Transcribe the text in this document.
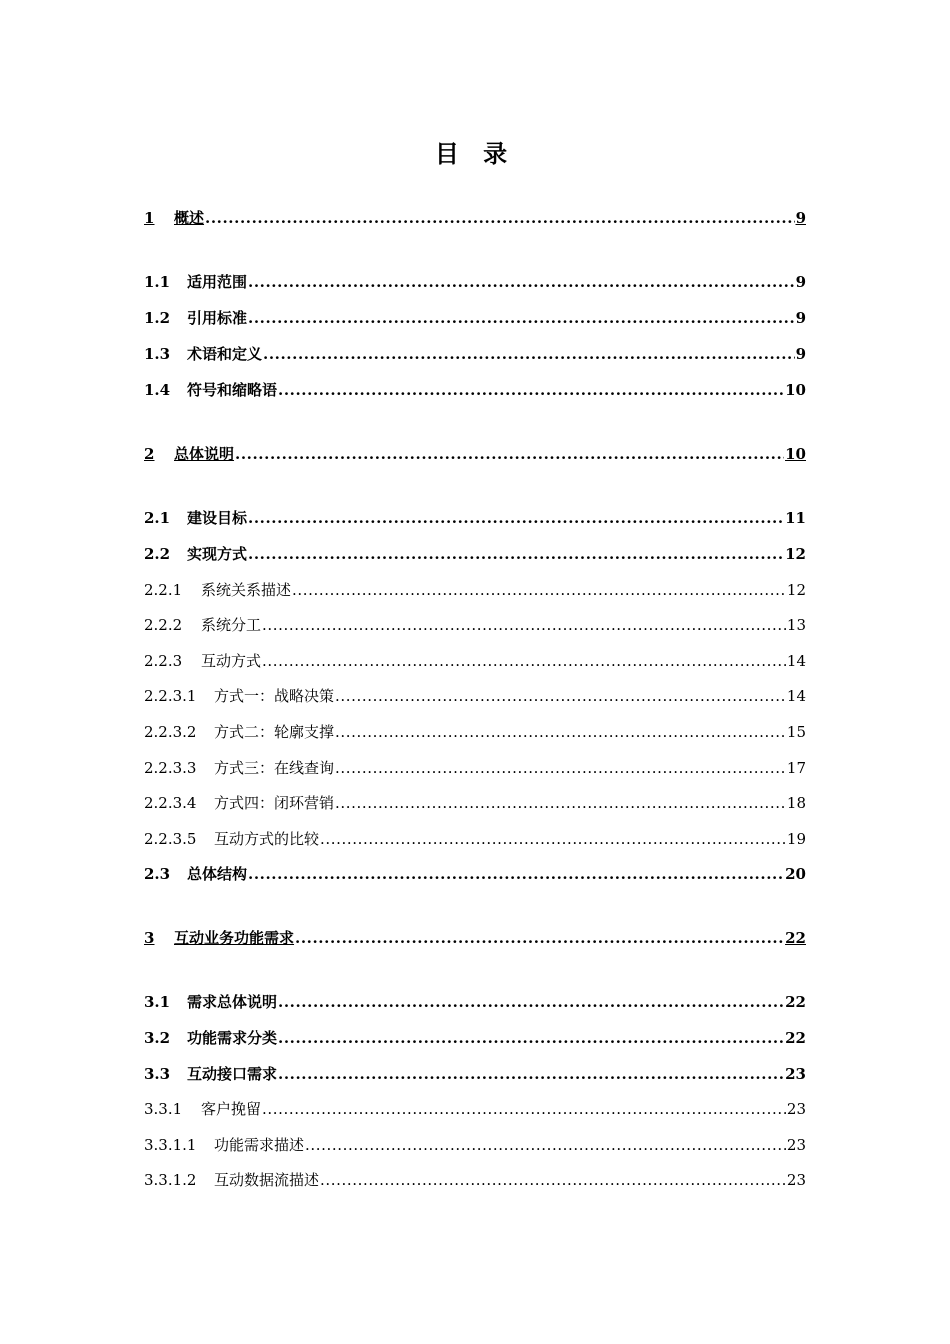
目 录
1	概述 .....	9
1.1	适用范围 .....	9
1.2	引用标准 .....	9
1.3	术语和定义 .....	9
1.4	符号和缩略语 .....	10
2	总体说明 .....	10
2.1	建设目标 .....	11
2.2	实现方式 .....	12
2.2.1	系统关系描述 .....	12
2.2.2	系统分工 .....	13
2.2.3	互动方式 .....	14
2.2.3.1	方式一：战略决策 .....	14
2.2.3.2	方式二：轮廓支撑 .....	15
2.2.3.3	方式三：在线查询 .....	17
2.2.3.4	方式四：闭环营销 .....	18
2.2.3.5	互动方式的比较 .....	19
2.3	总体结构 .....	20
3	互动业务功能需求 .....	22
3.1	需求总体说明 .....	22
3.2	功能需求分类 .....	22
3.3	互动接口需求 .....	23
3.3.1	客户挽留 .....	23
3.3.1.1	功能需求描述 .....	23
3.3.1.2	互动数据流描述 .....	23
